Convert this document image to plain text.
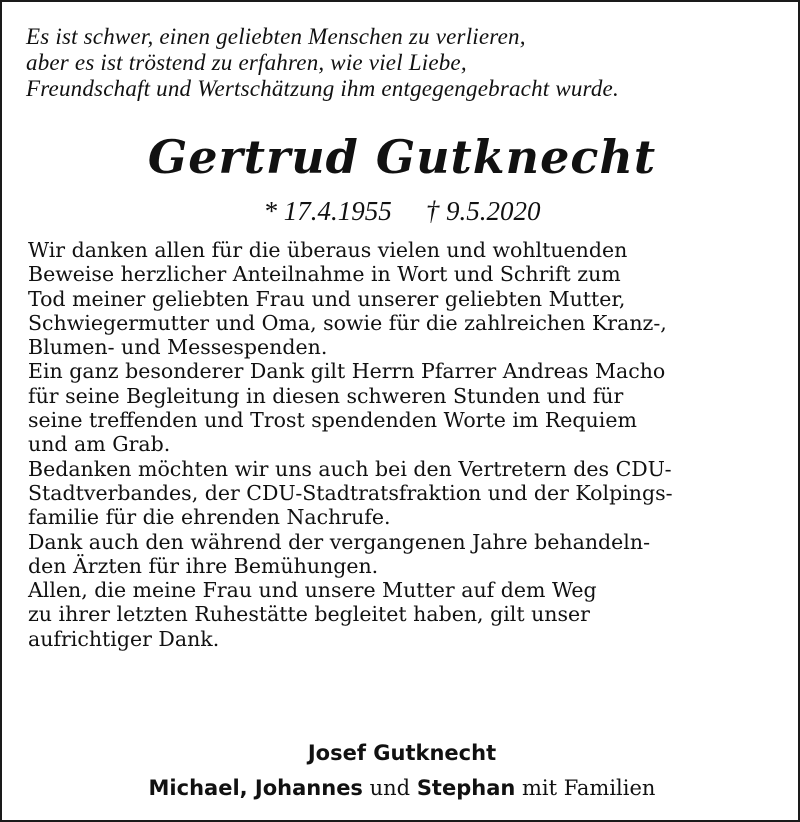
Es ist schwer, einen geliebten Menschen zu verlieren,
aber es ist tröstend zu erfahren, wie viel Liebe,
Freundschaft und Wertschätzung ihm entgegengebracht wurde.
Gertrud Gutknecht
* 17.4.1955 † 9.5.2020
Wir danken allen für die überaus vielen und wohltuenden
Beweise herzlicher Anteilnahme in Wort und Schrift zum
Tod meiner geliebten Frau und unserer geliebten Mutter,
Schwiegermutter und Oma, sowie für die zahlreichen Kranz-,
Blumen- und Messespenden.
Ein ganz besonderer Dank gilt Herrn Pfarrer Andreas Macho
für seine Begleitung in diesen schweren Stunden und für
seine treffenden und Trost spendenden Worte im Requiem
und am Grab.
Bedanken möchten wir uns auch bei den Vertretern des CDU-
Stadtverbandes, der CDU-Stadtratsfraktion und der Kolpings-
familie für die ehrenden Nachrufe.
Dank auch den während der vergangenen Jahre behandeln-
den Ärzten für ihre Bemühungen.
Allen, die meine Frau und unsere Mutter auf dem Weg
zu ihrer letzten Ruhestätte begleitet haben, gilt unser
aufrichtiger Dank.
Josef Gutknecht
Michael, Johannes und Stephan mit Familien
